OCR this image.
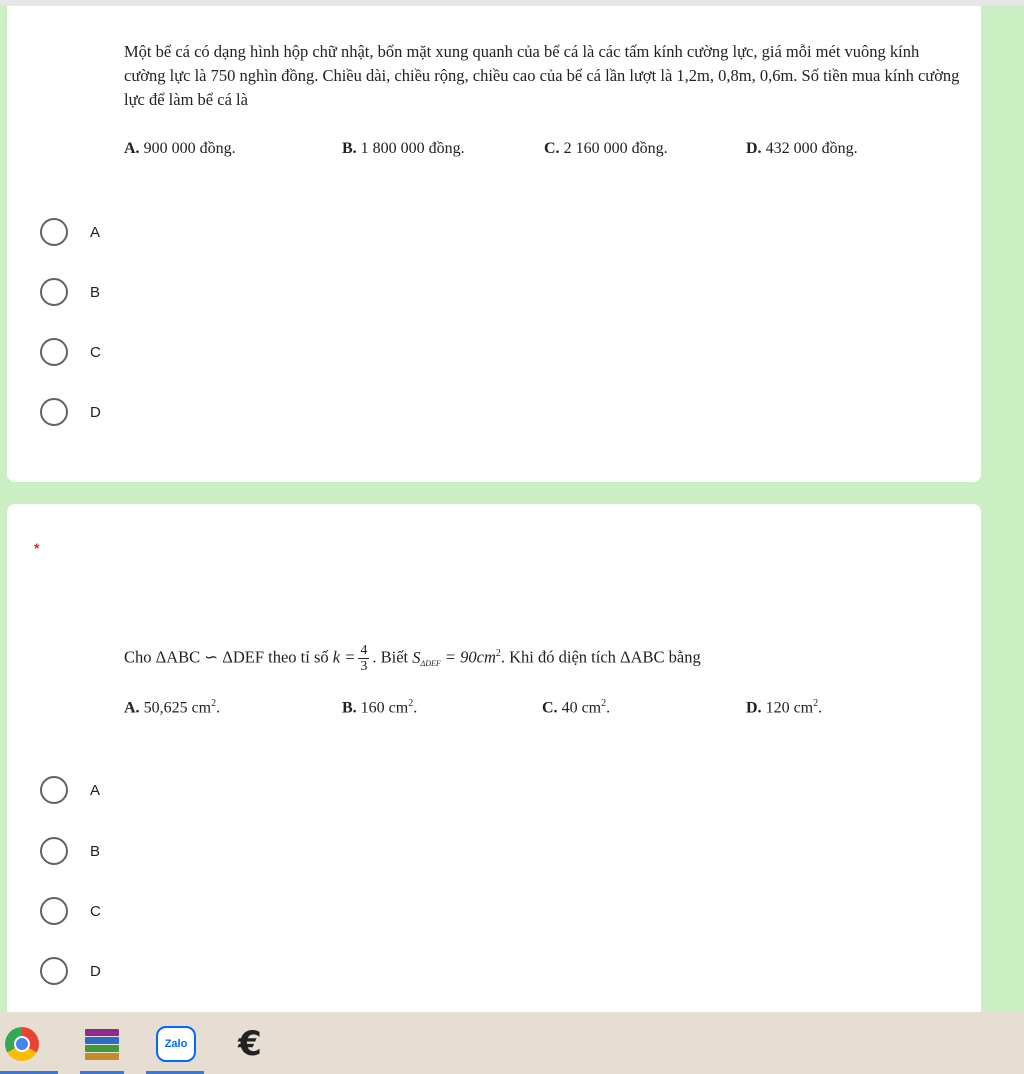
Một bể cá có dạng hình hộp chữ nhật, bốn mặt xung quanh của bể cá là các tấm kính cường lực, giá mỗi mét vuông kính cường lực là 750 nghìn đồng. Chiều dài, chiều rộng, chiều cao của bể cá lần lượt là 1,2m, 0,8m, 0,6m. Số tiền mua kính cường lực để làm bể cá là
A. 900 000 đồng.	B. 1 800 000 đồng.	C. 2 160 000 đồng.	D. 432 000 đồng.
A
B
C
D
*
Cho ΔABC ∽ ΔDEF theo tỉ số $k = \frac{4}{3}$ . Biết $S_{\Delta DEF} = 90cm^2$. Khi đó diện tích ΔABC bằng
A. 50,625 $cm^2$.	B. 160 $cm^2$.	C. 40 $cm^2$.	D. 120 $cm^2$.
A
B
C
D
Zalo €
